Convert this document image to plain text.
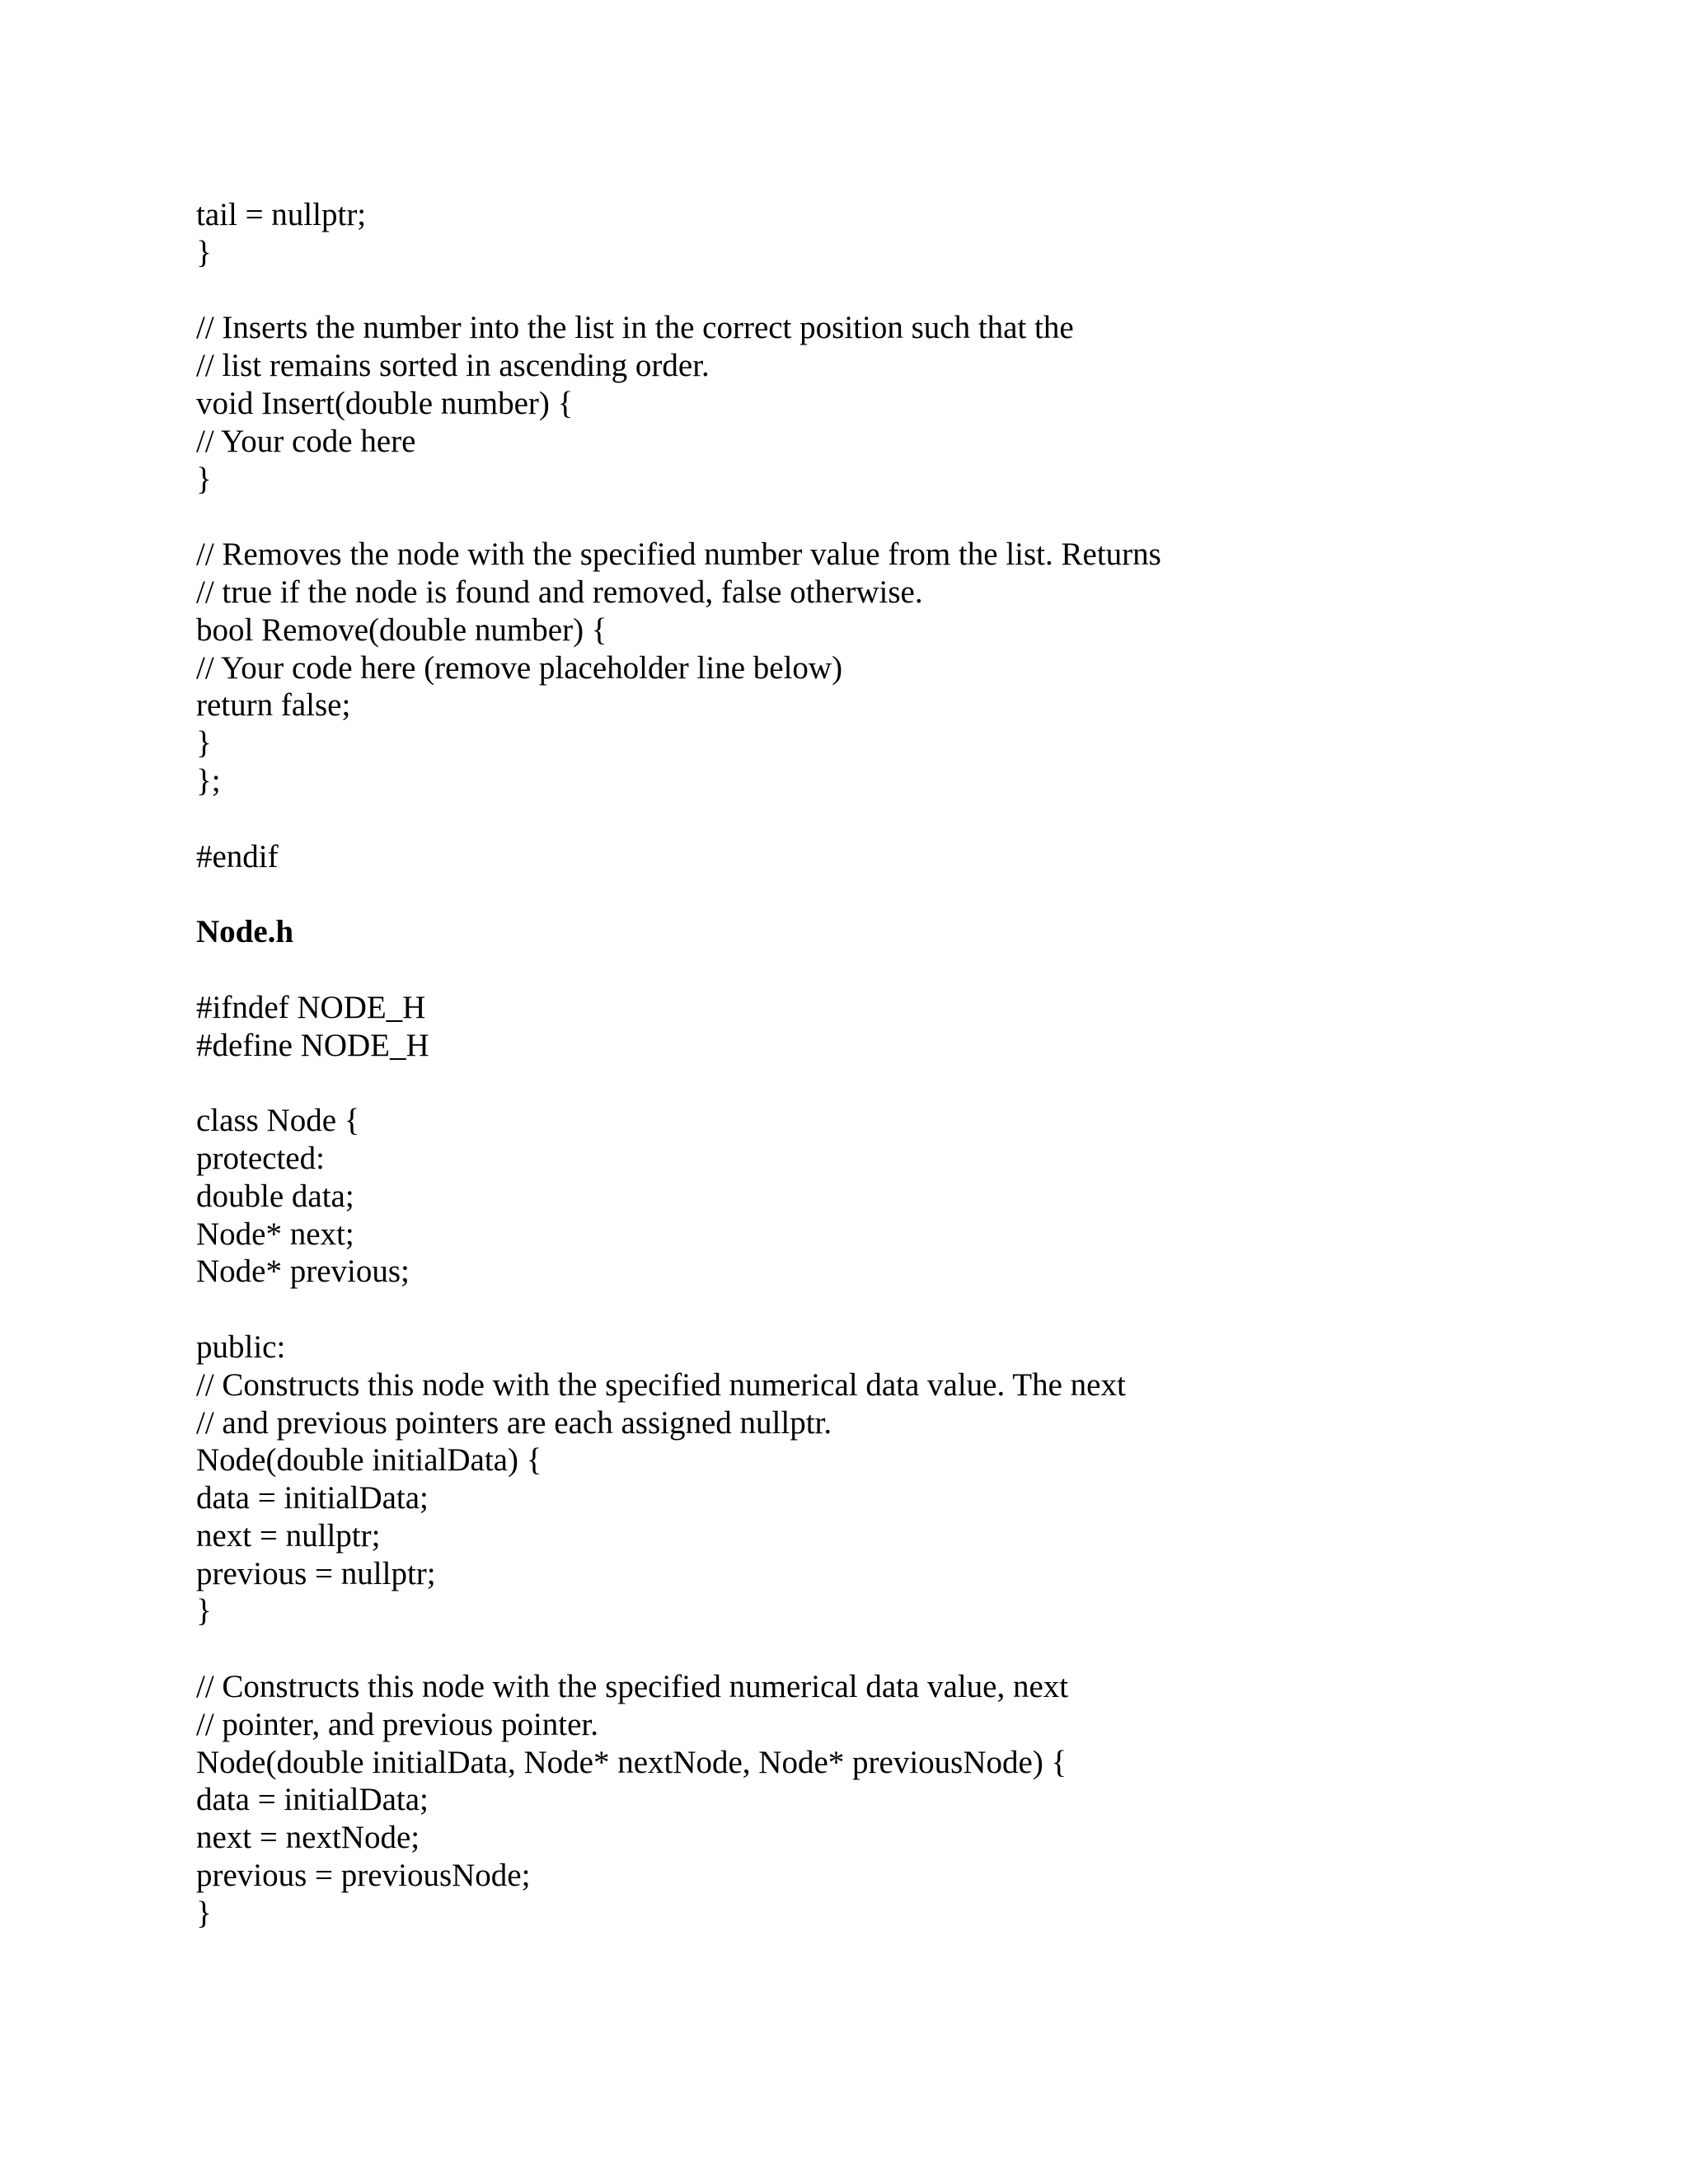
tail = nullptr;
}
// Inserts the number into the list in the correct position such that the
// list remains sorted in ascending order.
void Insert(double number) {
// Your code here
}
// Removes the node with the specified number value from the list. Returns
// true if the node is found and removed, false otherwise.
bool Remove(double number) {
// Your code here (remove placeholder line below)
return false;
}
};
#endif
Node.h
#ifndef NODE_H
#define NODE_H
class Node {
protected:
double data;
Node* next;
Node* previous;
public:
// Constructs this node with the specified numerical data value. The next
// and previous pointers are each assigned nullptr.
Node(double initialData) {
data = initialData;
next = nullptr;
previous = nullptr;
}
// Constructs this node with the specified numerical data value, next
// pointer, and previous pointer.
Node(double initialData, Node* nextNode, Node* previousNode) {
data = initialData;
next = nextNode;
previous = previousNode;
}
